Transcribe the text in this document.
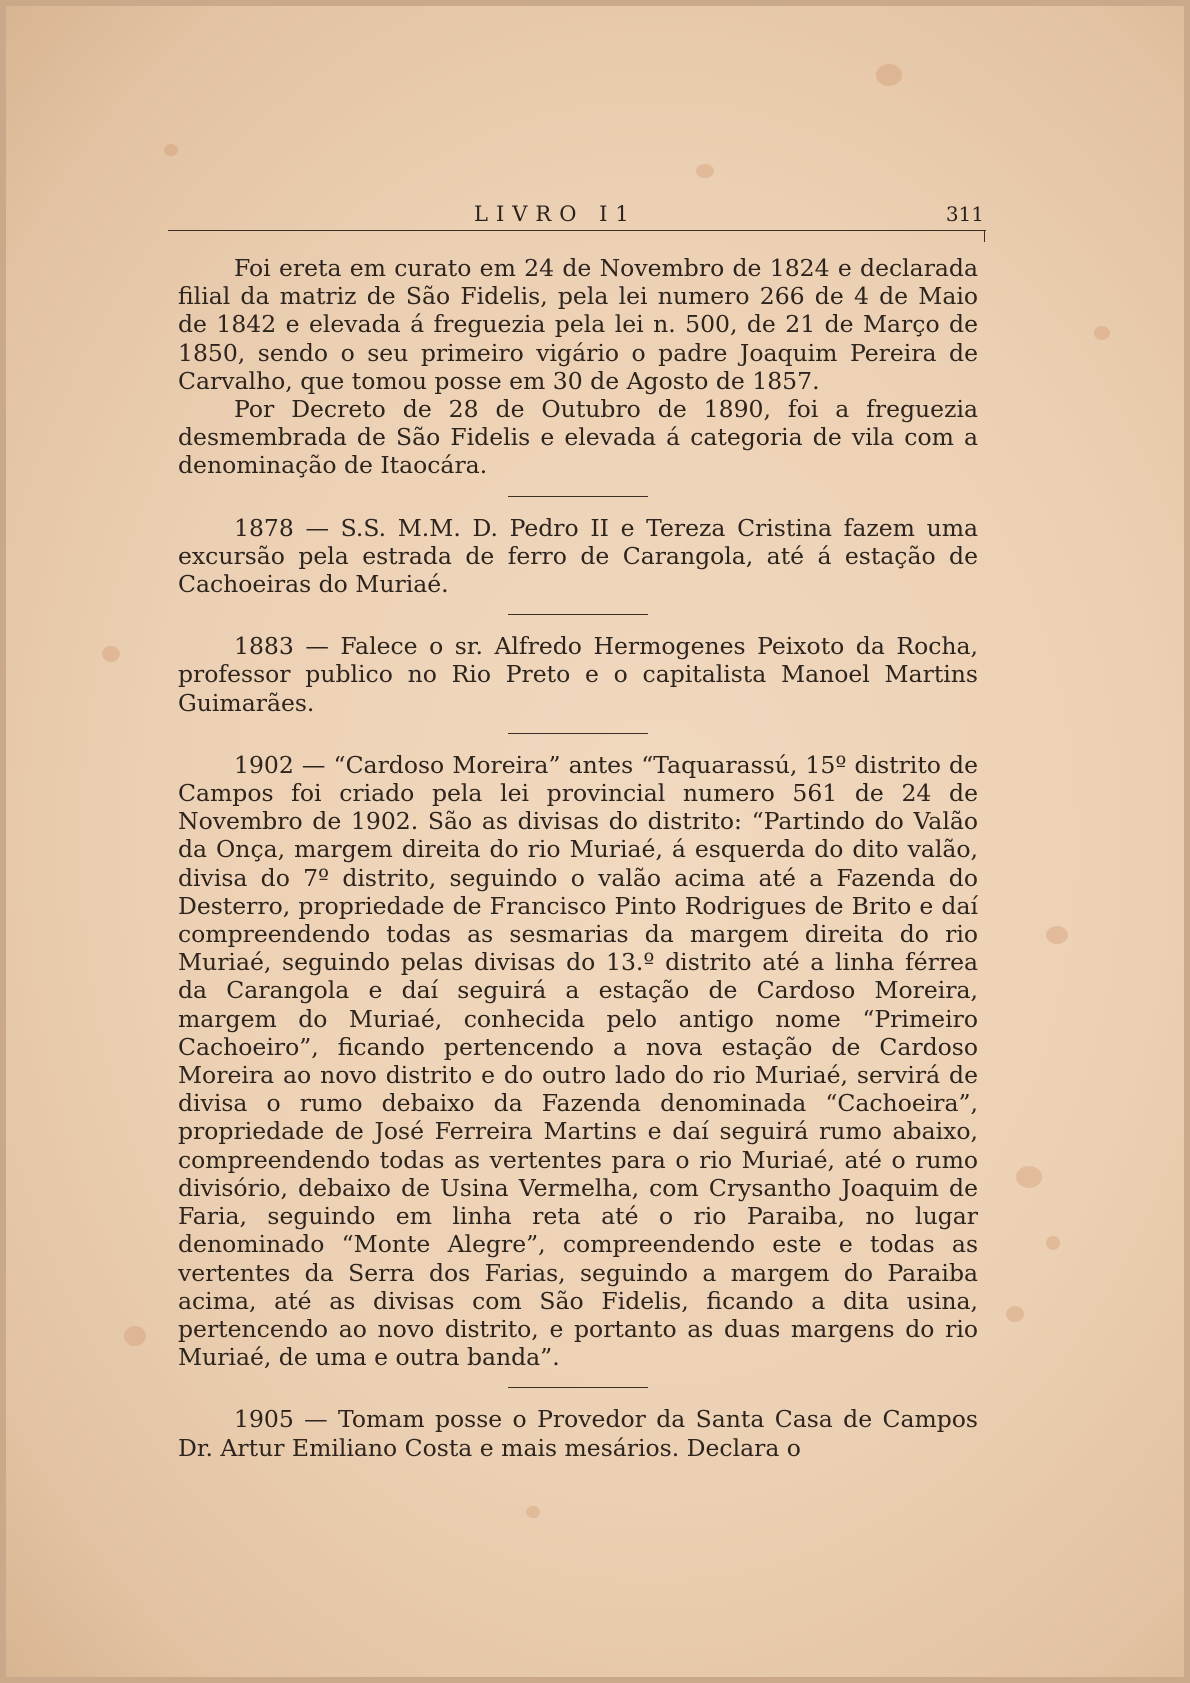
LIVRO I1	311

Foi ereta em curato em 24 de Novembro de 1824 e declarada filial da matriz de São Fidelis, pela lei numero 266 de 4 de Maio de 1842 e elevada á freguezia pela lei n. 500, de 21 de Março de 1850, sendo o seu primeiro vigário o padre Joaquim Pereira de Carvalho, que tomou posse em 30 de Agosto de 1857.

Por Decreto de 28 de Outubro de 1890, foi a freguezia desmembrada de São Fidelis e elevada á categoria de vila com a denominação de Itaocára.

1878 — S.S. M.M. D. Pedro II e Tereza Cristina fazem uma excursão pela estrada de ferro de Carangola, até á estação de Cachoeiras do Muriaé.

1883 — Falece o sr. Alfredo Hermogenes Peixoto da Rocha, professor publico no Rio Preto e o capitalista Manoel Martins Guimarães.

1902 — “Cardoso Moreira” antes “Taquarassú, 15º distrito de Campos foi criado pela lei provincial numero 561 de 24 de Novembro de 1902. São as divisas do distrito: “Partindo do Valão da Onça, margem direita do rio Muriaé, á esquerda do dito valão, divisa do 7º distrito, seguindo o valão acima até a Fazenda do Desterro, propriedade de Francisco Pinto Rodrigues de Brito e daí compreendendo todas as sesmarias da margem direita do rio Muriaé, seguindo pelas divisas do 13.º distrito até a linha férrea da Carangola e daí seguirá a estação de Cardoso Moreira, margem do Muriaé, conhecida pelo antigo nome “Primeiro Cachoeiro”, ficando pertencendo a nova estação de Cardoso Moreira ao novo distrito e do outro lado do rio Muriaé, servirá de divisa o rumo debaixo da Fazenda denominada “Cachoeira”, propriedade de José Ferreira Martins e daí seguirá rumo abaixo, compreendendo todas as vertentes para o rio Muriaé, até o rumo divisório, debaixo de Usina Vermelha, com Crysantho Joaquim de Faria, seguindo em linha reta até o rio Paraiba, no lugar denominado “Monte Alegre”, compreendendo este e todas as vertentes da Serra dos Farias, seguindo a margem do Paraiba acima, até as divisas com São Fidelis, ficando a dita usina, pertencendo ao novo distrito, e portanto as duas margens do rio Muriaé, de uma e outra banda”.

1905 — Tomam posse o Provedor da Santa Casa de Campos Dr. Artur Emiliano Costa e mais mesários. Declara o
